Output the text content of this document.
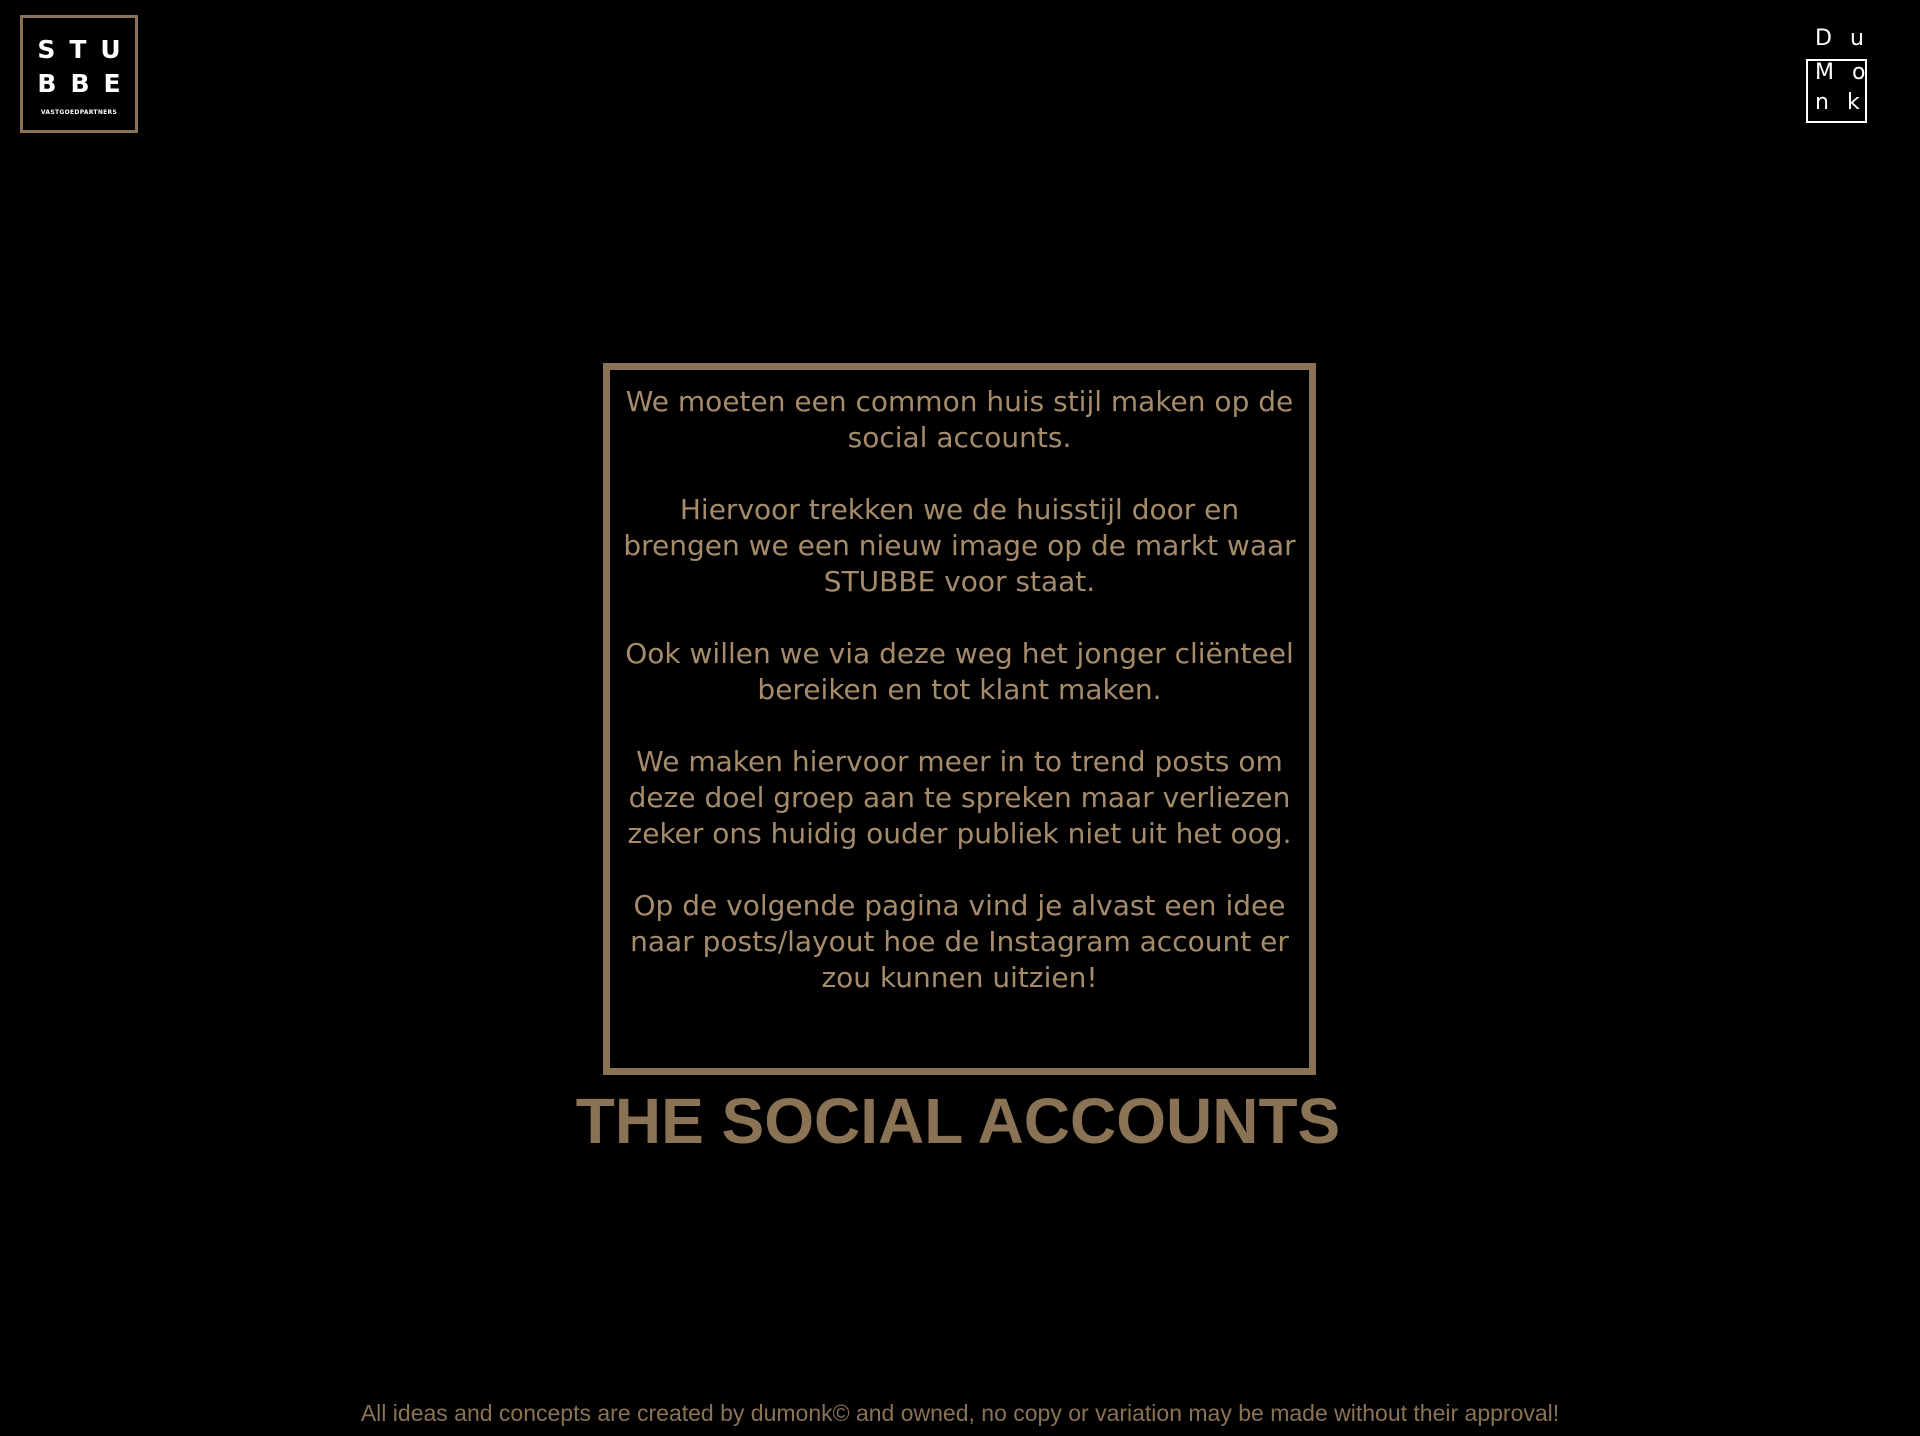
STU
BBE
VASTGOEDPARTNERS
Du
Mo
nk

We moeten een common huis stijl maken op de social accounts.

Hiervoor trekken we de huisstijl door en brengen we een nieuw image op de markt waar STUBBE voor staat.

Ook willen we via deze weg het jonger cliënteel bereiken en tot klant maken.

We maken hiervoor meer in to trend posts om deze doel groep aan te spreken maar verliezen zeker ons huidig ouder publiek niet uit het oog.

Op de volgende pagina vind je alvast een idee naar posts/layout hoe de Instagram account er zou kunnen uitzien!

THE SOCIAL ACCOUNTS
All ideas and concepts are created by dumonk© and owned, no copy or variation may be made without their approval!
